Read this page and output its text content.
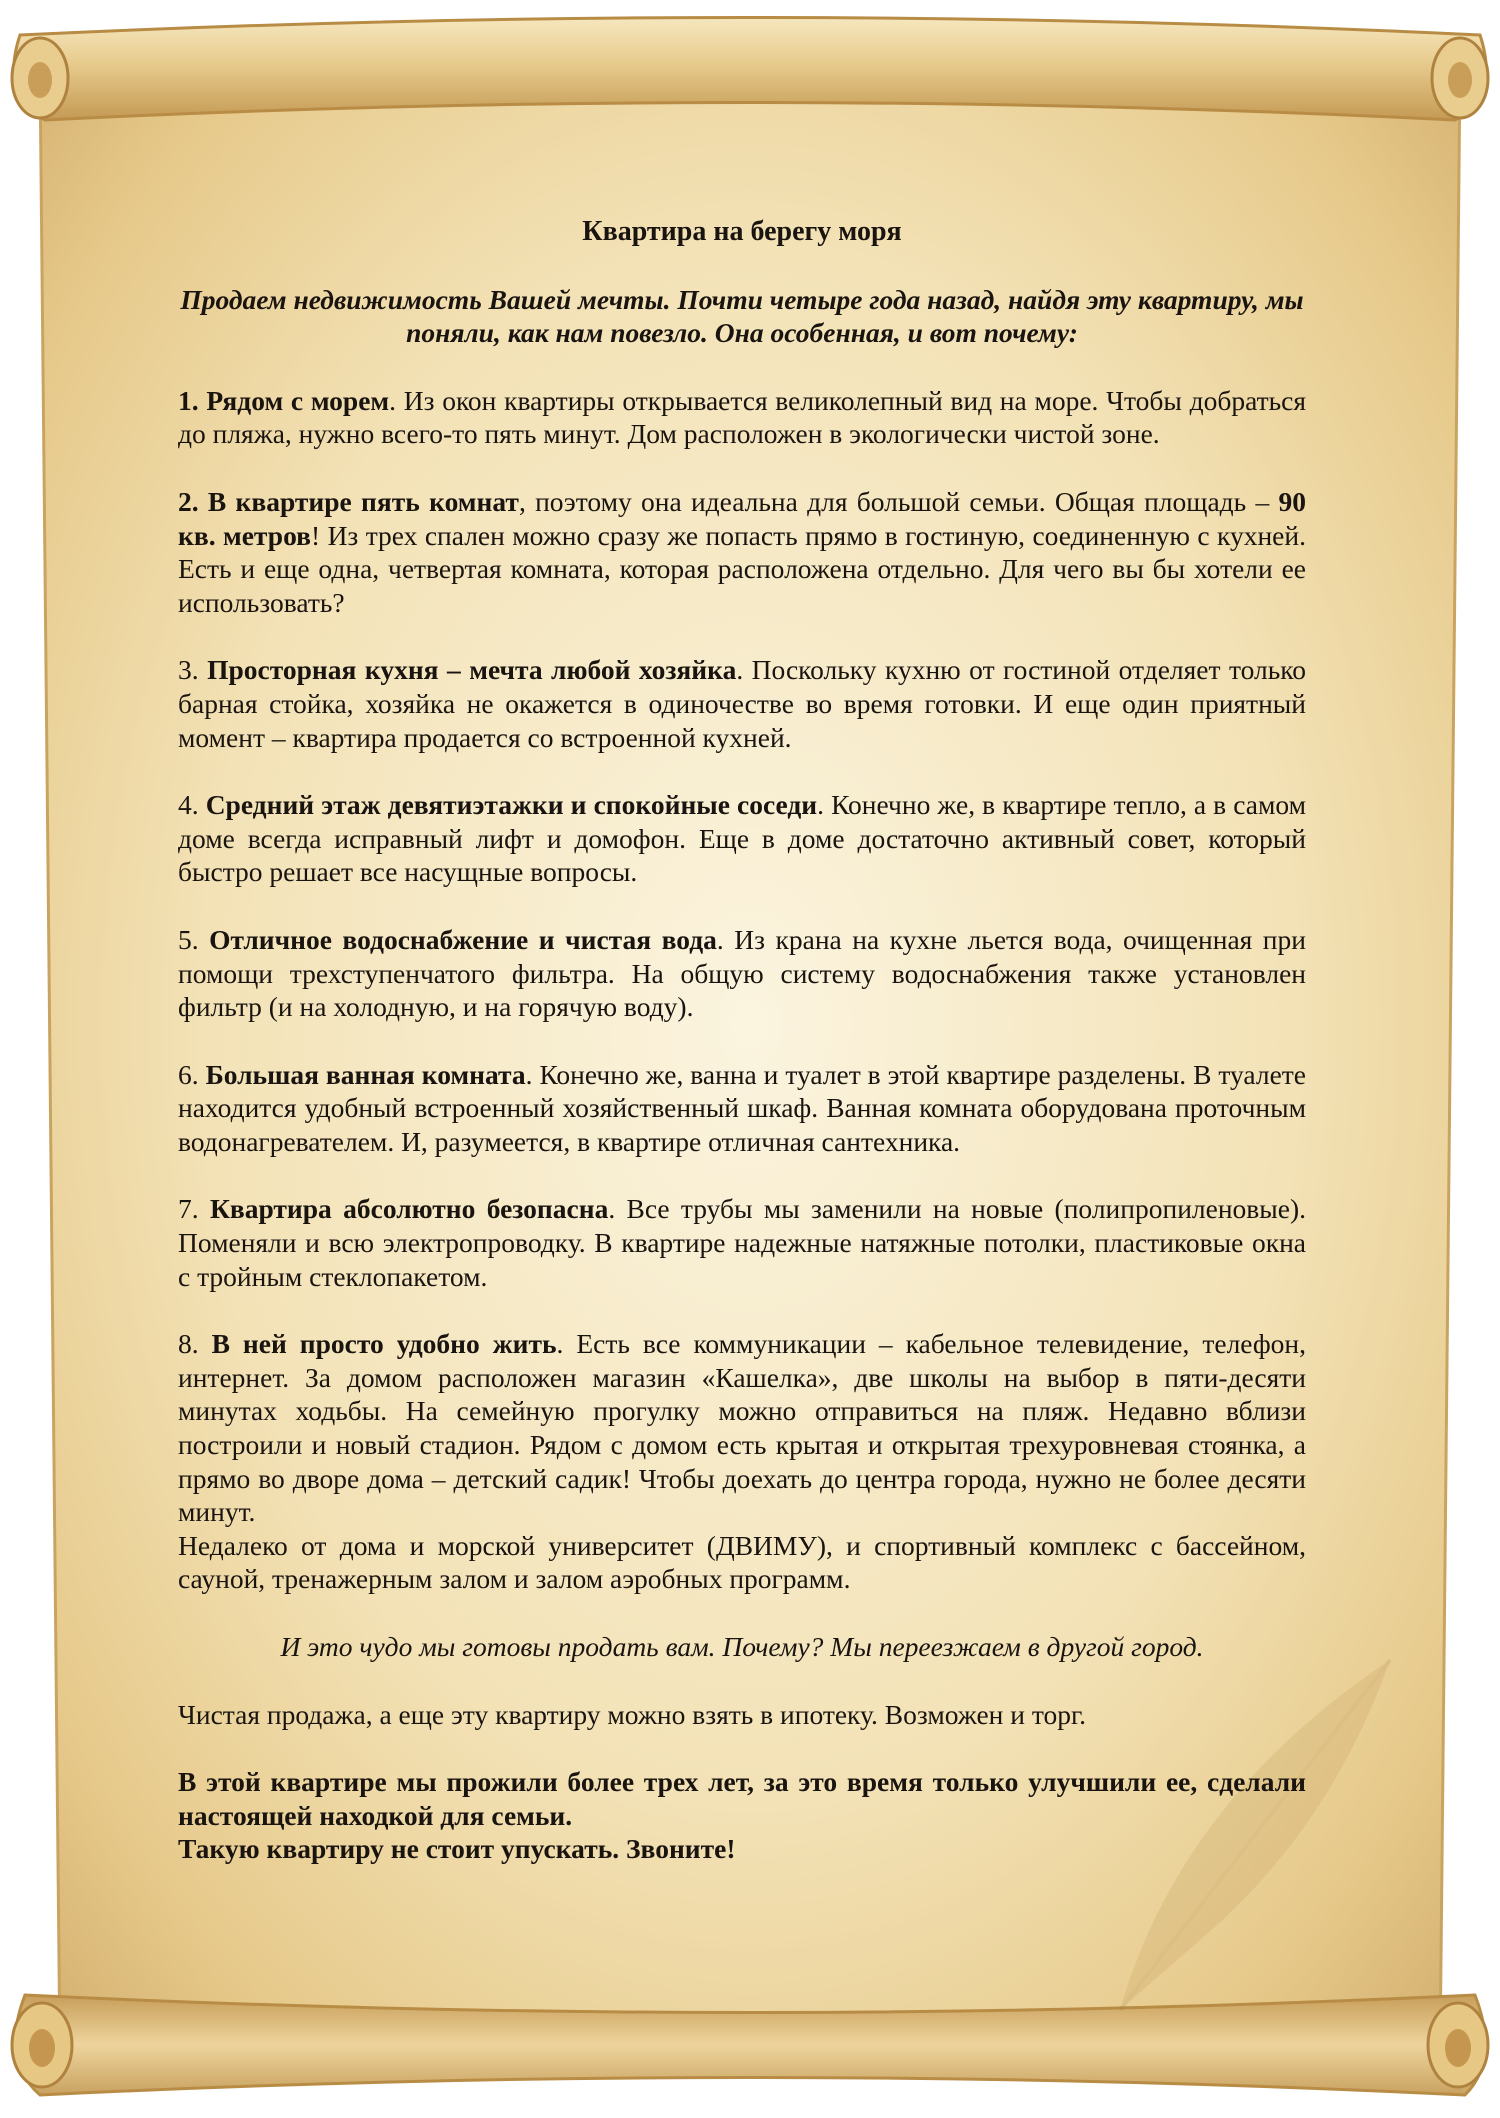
Квартира на берегу моря

Продаем недвижимость Вашей мечты. Почти четыре года назад, найдя эту квартиру, мы поняли, как нам повезло. Она особенная, и вот почему:

1. Рядом с морем. Из окон квартиры открывается великолепный вид на море. Чтобы добраться до пляжа, нужно всего-то пять минут. Дом расположен в экологически чистой зоне.

2. В квартире пять комнат, поэтому она идеальна для большой семьи. Общая площадь – 90 кв. метров! Из трех спален можно сразу же попасть прямо в гостиную, соединенную с кухней. Есть и еще одна, четвертая комната, которая расположена отдельно. Для чего вы бы хотели ее использовать?

3. Просторная кухня – мечта любой хозяйка. Поскольку кухню от гостиной отделяет только барная стойка, хозяйка не окажется в одиночестве во время готовки. И еще один приятный момент – квартира продается со встроенной кухней.

4. Средний этаж девятиэтажки и спокойные соседи. Конечно же, в квартире тепло, а в самом доме всегда исправный лифт и домофон. Еще в доме достаточно активный совет, который быстро решает все насущные вопросы.

5. Отличное водоснабжение и чистая вода. Из крана на кухне льется вода, очищенная при помощи трехступенчатого фильтра. На общую систему водоснабжения также установлен фильтр (и на холодную, и на горячую воду).

6. Большая ванная комната. Конечно же, ванна и туалет в этой квартире разделены. В туалете находится удобный встроенный хозяйственный шкаф. Ванная комната оборудована проточным водонагревателем. И, разумеется, в квартире отличная сантехника.

7. Квартира абсолютно безопасна. Все трубы мы заменили на новые (полипропиленовые). Поменяли и всю электропроводку. В квартире надежные натяжные потолки, пластиковые окна с тройным стеклопакетом.

8. В ней просто удобно жить. Есть все коммуникации – кабельное телевидение, телефон, интернет. За домом расположен магазин «Кашелка», две школы на выбор в пяти-десяти минутах ходьбы. На семейную прогулку можно отправиться на пляж. Недавно вблизи построили и новый стадион. Рядом с домом есть крытая и открытая трехуровневая стоянка, а прямо во дворе дома – детский садик! Чтобы доехать до центра города, нужно не более десяти минут.
Недалеко от дома и морской университет (ДВИМУ), и спортивный комплекс с бассейном, сауной, тренажерным залом и залом аэробных программ.

И это чудо мы готовы продать вам. Почему? Мы переезжаем в другой город.

Чистая продажа, а еще эту квартиру можно взять в ипотеку. Возможен и торг.

В этой квартире мы прожили более трех лет, за это время только улучшили ее, сделали настоящей находкой для семьи.
Такую квартиру не стоит упускать. Звоните!
